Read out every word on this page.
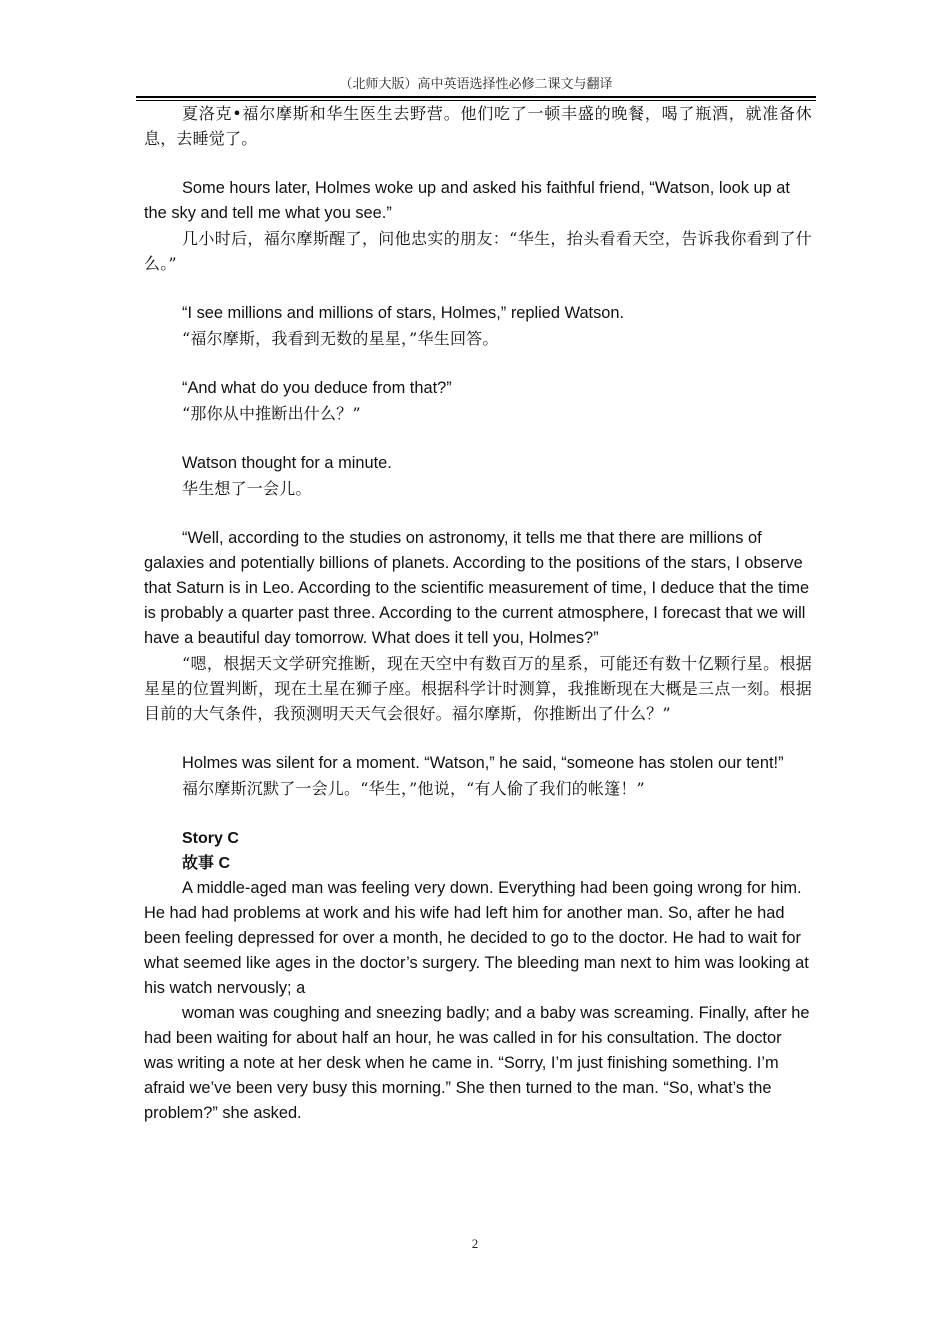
（北师大版）高中英语选择性必修二课文与翻译

夏洛克•福尔摩斯和华生医生去野营。他们吃了一顿丰盛的晚餐，喝了瓶酒，就准备休息，去睡觉了。

Some hours later, Holmes woke up and asked his faithful friend, “Watson, look up at the sky and tell me what you see.”

几小时后，福尔摩斯醒了，问他忠实的朋友：“华生，抬头看看天空，告诉我你看到了什么。”

“I see millions and millions of stars, Holmes,” replied Watson.

“福尔摩斯，我看到无数的星星，”华生回答。

“And what do you deduce from that?”

“那你从中推断出什么？”

Watson thought for a minute.

华生想了一会儿。

“Well, according to the studies on astronomy, it tells me that there are millions of galaxies and potentially billions of planets. According to the positions of the stars, I observe that Saturn is in Leo. According to the scientific measurement of time, I deduce that the time is probably a quarter past three. According to the current atmosphere, I forecast that we will have a beautiful day tomorrow. What does it tell you, Holmes?”

“嗯，根据天文学研究推断，现在天空中有数百万的星系，可能还有数十亿颗行星。根据星星的位置判断，现在土星在狮子座。根据科学计时测算，我推断现在大概是三点一刻。根据目前的大气条件，我预测明天天气会很好。福尔摩斯，你推断出了什么？”

Holmes was silent for a moment. “Watson,” he said, “someone has stolen our tent!”

福尔摩斯沉默了一会儿。“华生，”他说，“有人偷了我们的帐篷！”

Story C

故事 C

A middle-aged man was feeling very down. Everything had been going wrong for him. He had had problems at work and his wife had left him for another man. So, after he had been feeling depressed for over a month, he decided to go to the doctor. He had to wait for what seemed like ages in the doctor’s surgery. The bleeding man next to him was looking at his watch nervously; a

woman was coughing and sneezing badly; and a baby was screaming. Finally, after he had been waiting for about half an hour, he was called in for his consultation. The doctor was writing a note at her desk when he came in. “Sorry, I’m just finishing something. I’m afraid we’ve been very busy this morning.” She then turned to the man. “So, what’s the problem?” she asked.

2
